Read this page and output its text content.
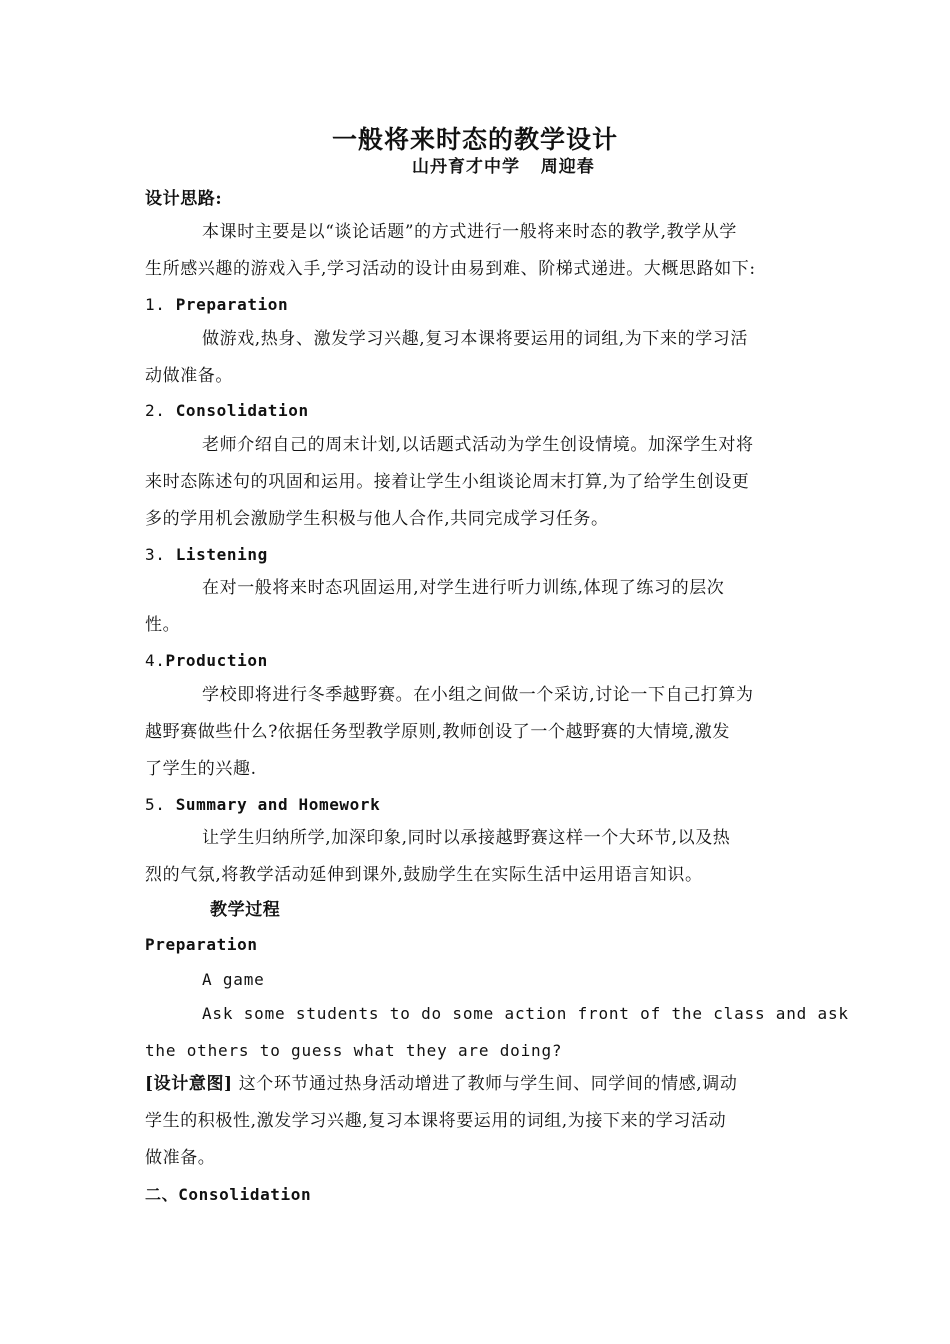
一般将来时态的教学设计
山丹育才中学   周迎春
设计思路:
本课时主要是以“谈论话题”的方式进行一般将来时态的教学,教学从学
生所感兴趣的游戏入手,学习活动的设计由易到难、阶梯式递进。大概思路如下:
1. Preparation
做游戏,热身、激发学习兴趣,复习本课将要运用的词组,为下来的学习活
动做准备。
2. Consolidation
老师介绍自己的周末计划,以话题式活动为学生创设情境。加深学生对将
来时态陈述句的巩固和运用。接着让学生小组谈论周末打算,为了给学生创设更
多的学用机会激励学生积极与他人合作,共同完成学习任务。
3. Listening
在对一般将来时态巩固运用,对学生进行听力训练,体现了练习的层次
性。
4.Production
学校即将进行冬季越野赛。在小组之间做一个采访,讨论一下自己打算为
越野赛做些什么?依据任务型教学原则,教师创设了一个越野赛的大情境,激发
了学生的兴趣.
5. Summary and Homework
让学生归纳所学,加深印象,同时以承接越野赛这样一个大环节,以及热
烈的气氛,将教学活动延伸到课外,鼓励学生在实际生活中运用语言知识。
教学过程
Preparation
A game
Ask some students to do some action front of the class and ask
the others to guess what they are doing?
[设计意图] 这个环节通过热身活动增进了教师与学生间、同学间的情感,调动
学生的积极性,激发学习兴趣,复习本课将要运用的词组,为接下来的学习活动
做准备。
二、Consolidation
